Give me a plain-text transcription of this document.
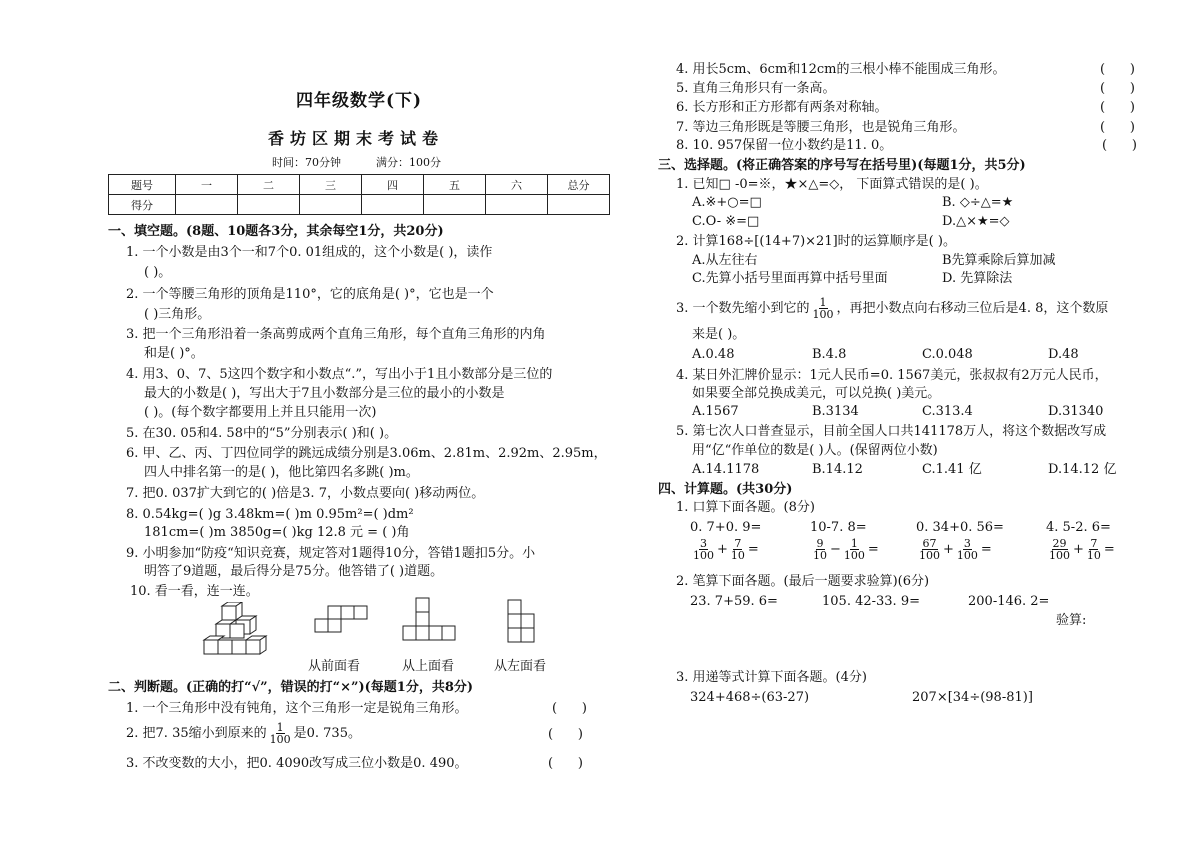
四年级数学(下)
香坊区期末考试卷
时间：70分钟	满分：100分
题号	一	二	三	四	五	六	总分
得分							
一、填空题。(8题、10题各3分，其余每空1分，共20分)
1. 一个小数是由3个一和7个0. 01组成的，这个小数是( )，读作
( )。
2. 一个等腰三角形的顶角是110°，它的底角是( )°，它也是一个
( )三角形。
3. 把一个三角形沿着一条高剪成两个直角三角形，每个直角三角形的内角
和是( )°。
4. 用3、0、7、5这四个数字和小数点“.”，写出小于1且小数部分是三位的
最大的小数是( )，写出大于7且小数部分是三位的最小的小数是
( )。(每个数字都要用上并且只能用一次)
5. 在30. 05和4. 58中的“5”分别表示( )和( )。
6. 甲、乙、丙、丁四位同学的跳远成绩分别是3.06m、2.81m、2.92m、2.95m，
四人中排名第一的是( )，他比第四名多跳( )m。
7. 把0. 037扩大到它的( )倍是3. 7，小数点要向( )移动两位。
8. 0.54kg=( )g 3.48km=( )m 0.95m²=( )dm²
181cm=( )m 3850g=( )kg 12.8 元 = ( )角
9. 小明参加“防疫“知识竞赛，规定答对1题得10分，答错1题扣5分。小
明答了9道题，最后得分是75分。他答错了( )道题。
10. 看一看，连一连。
从前面看	从上面看	从左面看
二、判断题。(正确的打“√”，错误的打“×”)(每题1分，共8分)
1. 一个三角形中没有钝角，这个三角形一定是锐角三角形。	(      )
2. 把7. 35缩小到原来的 $\frac{1}{100}$ 是0. 735。	(      )
3. 不改变数的大小，把0. 4090改写成三位小数是0. 490。	(      )
4. 用长5cm、6cm和12cm的三根小棒不能围成三角形。	(      )
5. 直角三角形只有一条高。	(      )
6. 长方形和正方形都有两条对称轴。	(      )
7. 等边三角形既是等腰三角形，也是锐角三角形。	(      )
8. 10. 957保留一位小数约是11. 0。	(      )
三、选择题。(将正确答案的序号写在括号里)(每题1分，共5分)
1. 已知□ -0=※，★×△=◇， 下面算式错误的是( )。
A.※+○=□	B. ◇÷△=★
C.O- ※=□	D.△×★=◇
2. 计算168÷[(14+7)×21]时的运算顺序是( )。
A.从左往右	B先算乘除后算加减
C.先算小括号里面再算中括号里面	D. 先算除法
3. 一个数先缩小到它的 $\frac{1}{100}$ ，再把小数点向右移动三位后是4. 8，这个数原
来是( )。
A.0.48	B.4.8	C.0.048	D.48
4. 某日外汇牌价显示：1元人民币=0. 1567美元，张叔叔有2万元人民币，
如果要全部兑换成美元，可以兑换( )美元。
A.1567	B.3134	C.313.4	D.31340
5. 第七次人口普查显示，目前全国人口共141178万人，将这个数据改写成
用“亿“作单位的数是( )人。(保留两位小数)
A.14.1178	B.14.12	C.1.41 亿	D.14.12 亿
四、计算题。(共30分)
1. 口算下面各题。(8分)
0. 7+0. 9=	10-7. 8=	0. 34+0. 56=	4. 5-2. 6=
$\frac{3}{100} + \frac{7}{10}$ =	$\frac{9}{10} - \frac{1}{100}$ =	$\frac{67}{100} + \frac{3}{100}$ =	$\frac{29}{100} + \frac{7}{10}$ =
2. 笔算下面各题。(最后一题要求验算)(6分)
23. 7+59. 6=	105. 42-33. 9=	200-146. 2=
验算:
3. 用递等式计算下面各题。(4分)
324+468÷(63-27)	207×[34÷(98-81)]
